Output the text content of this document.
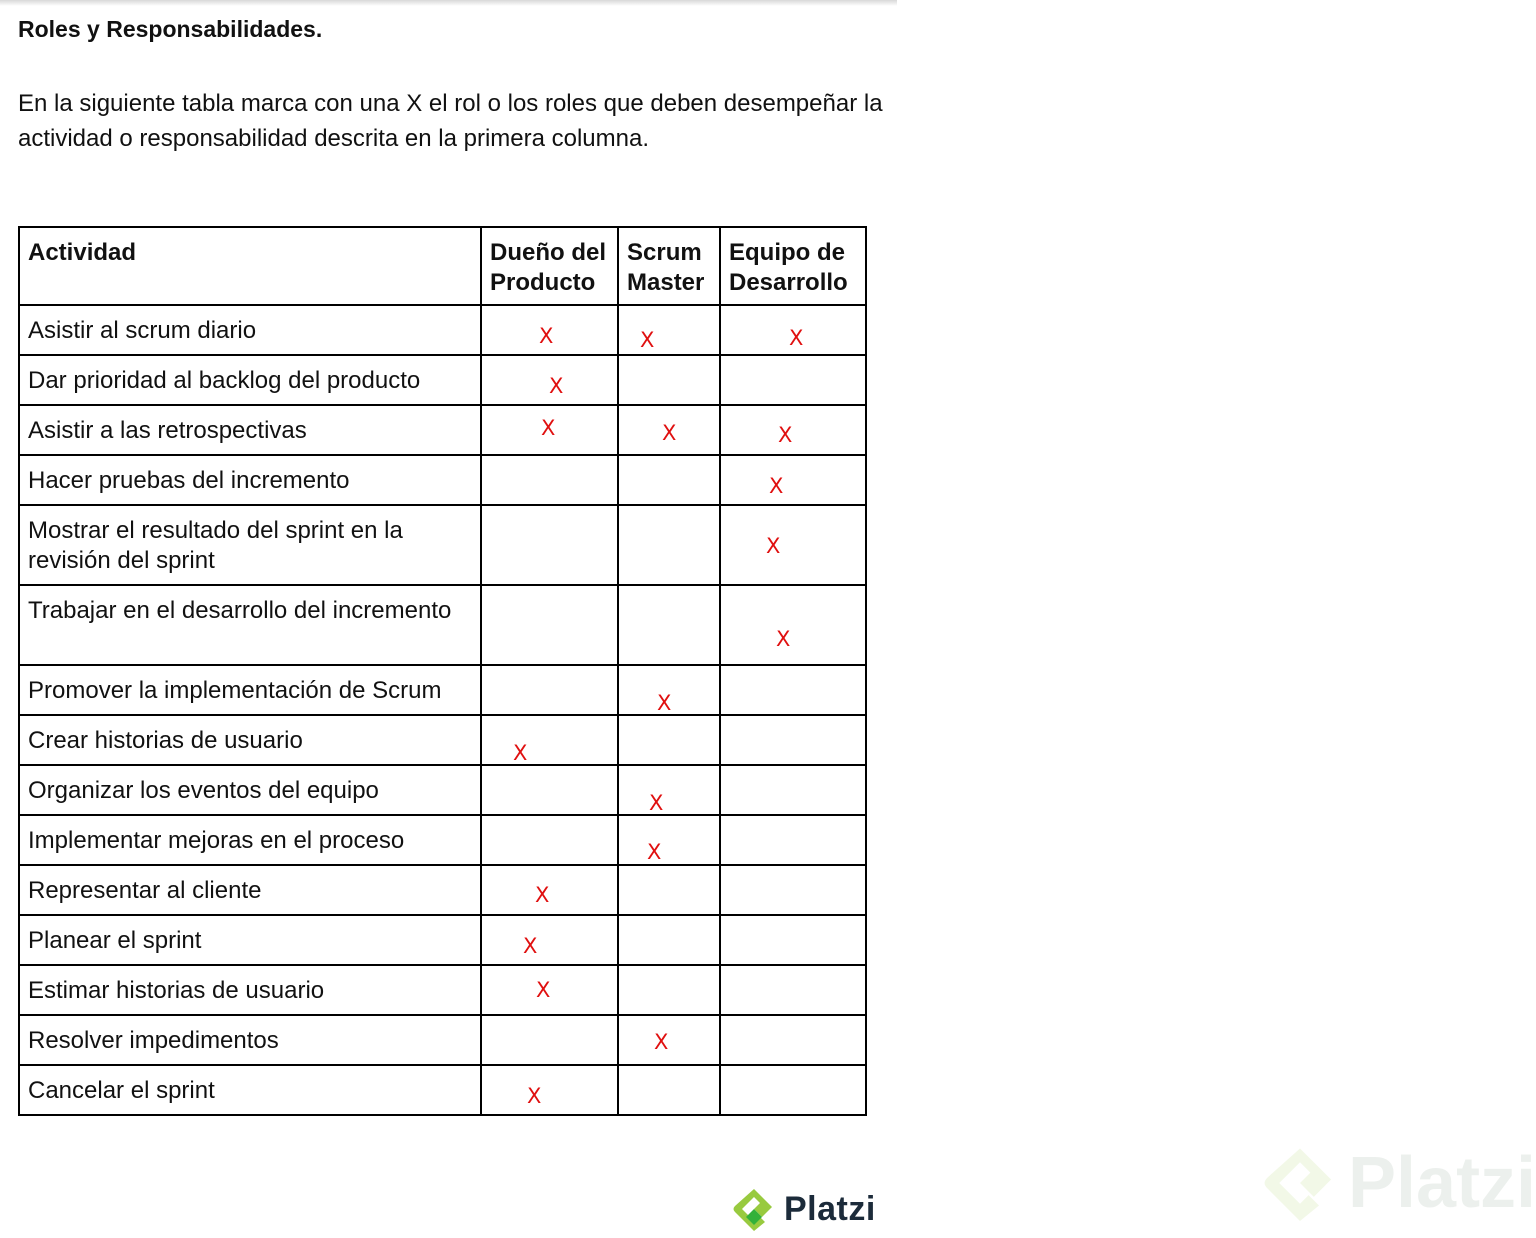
Roles y Responsabilidades.

En la siguiente tabla marca con una X el rol o los roles que deben desempeñar la actividad o responsabilidad descrita en la primera columna.

Actividad	Dueño del Producto	Scrum Master	Equipo de Desarrollo
Asistir al scrum diario	X	X	X

Dar prioridad al backlog del producto	X		

Asistir a las retrospectivas	X	X	X

Hacer pruebas del incremento			X

Mostrar el resultado del sprint en la revisión del sprint			X

Trabajar en el desarrollo del incremento			X

Promover la implementación de Scrum		X	

Crear historias de usuario	X		

Organizar los eventos del equipo		X	

Implementar mejoras en el proceso		X	

Representar al cliente	X		

Planear el sprint	X		

Estimar historias de usuario	X		

Resolver impedimentos		X	

Cancelar el sprint	X		

Platzi	Platzi
